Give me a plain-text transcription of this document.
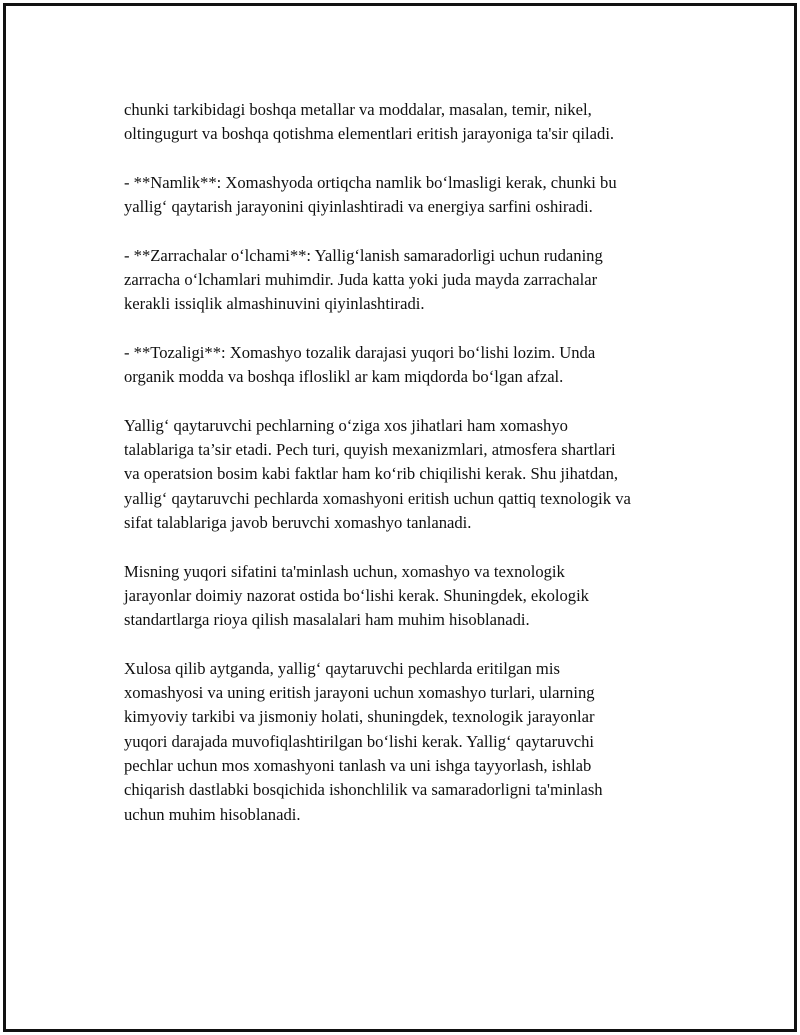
chunki tarkibidagi boshqa metallar va moddalar, masalan, temir, nikel,
oltingugurt va boshqa qotishma elementlari eritish jarayoniga ta'sir qiladi.

- **Namlik**: Xomashyoda ortiqcha namlik bo‘lmasligi kerak, chunki bu
yallig‘ qaytarish jarayonini qiyinlashtiradi va energiya sarfini oshiradi.

- **Zarrachalar o‘lchami**: Yallig‘lanish samaradorligi uchun rudaning
zarracha o‘lchamlari muhimdir. Juda katta yoki juda mayda zarrachalar
kerakli issiqlik almashinuvini qiyinlashtiradi.

- **Tozaligi**: Xomashyo tozalik darajasi yuqori bo‘lishi lozim. Unda
organik modda va boshqa ifloslikl ar kam miqdorda bo‘lgan afzal.

Yallig‘ qaytaruvchi pechlarning o‘ziga xos jihatlari ham xomashyo
talablariga ta’sir etadi. Pech turi, quyish mexanizmlari, atmosfera shartlari
va operatsion bosim kabi faktlar ham ko‘rib chiqilishi kerak. Shu jihatdan,
yallig‘ qaytaruvchi pechlarda xomashyoni eritish uchun qattiq texnologik va
sifat talablariga javob beruvchi xomashyo tanlanadi.

Misning yuqori sifatini ta'minlash uchun, xomashyo va texnologik
jarayonlar doimiy nazorat ostida bo‘lishi kerak. Shuningdek, ekologik
standartlarga rioya qilish masalalari ham muhim hisoblanadi.

Xulosa qilib aytganda, yallig‘ qaytaruvchi pechlarda eritilgan mis
xomashyosi va uning eritish jarayoni uchun xomashyo turlari, ularning
kimyoviy tarkibi va jismoniy holati, shuningdek, texnologik jarayonlar
yuqori darajada muvofiqlashtirilgan bo‘lishi kerak. Yallig‘ qaytaruvchi
pechlar uchun mos xomashyoni tanlash va uni ishga tayyorlash, ishlab
chiqarish dastlabki bosqichida ishonchlilik va samaradorligni ta'minlash
uchun muhim hisoblanadi.
